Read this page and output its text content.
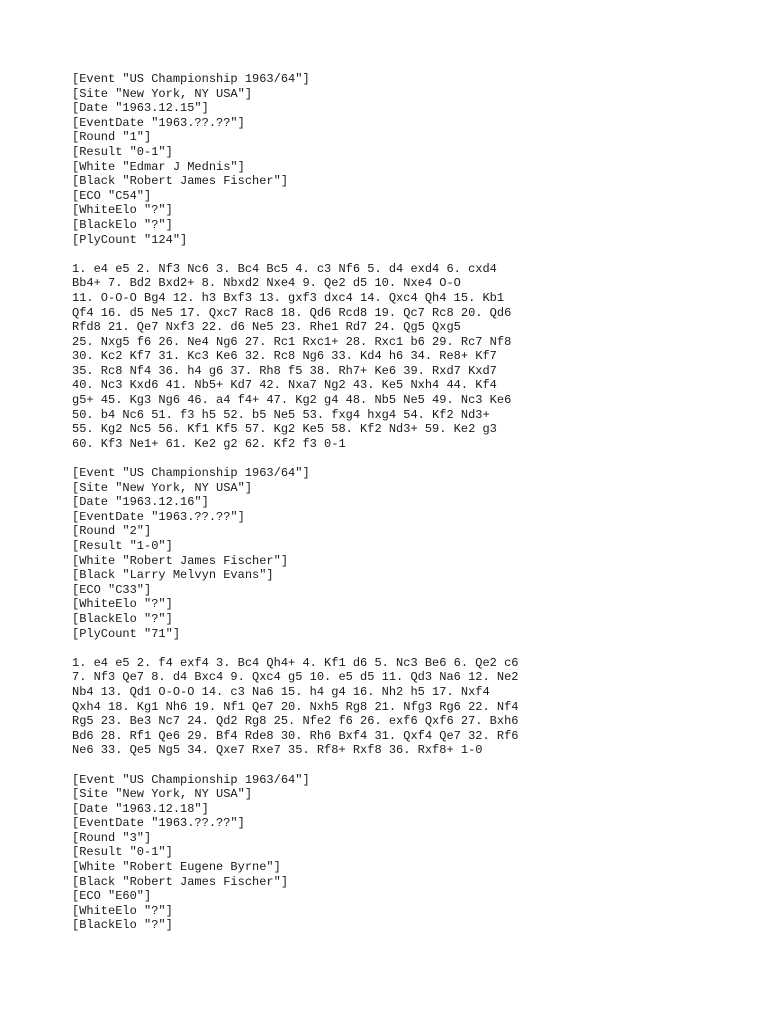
[Event "US Championship 1963/64"]
[Site "New York, NY USA"]
[Date "1963.12.15"]
[EventDate "1963.??.??"]
[Round "1"]
[Result "0-1"]
[White "Edmar J Mednis"]
[Black "Robert James Fischer"]
[ECO "C54"]
[WhiteElo "?"]
[BlackElo "?"]
[PlyCount "124"]
1. e4 e5 2. Nf3 Nc6 3. Bc4 Bc5 4. c3 Nf6 5. d4 exd4 6. cxd4
Bb4+ 7. Bd2 Bxd2+ 8. Nbxd2 Nxe4 9. Qe2 d5 10. Nxe4 O-O
11. O-O-O Bg4 12. h3 Bxf3 13. gxf3 dxc4 14. Qxc4 Qh4 15. Kb1
Qf4 16. d5 Ne5 17. Qxc7 Rac8 18. Qd6 Rcd8 19. Qc7 Rc8 20. Qd6
Rfd8 21. Qe7 Nxf3 22. d6 Ne5 23. Rhe1 Rd7 24. Qg5 Qxg5
25. Nxg5 f6 26. Ne4 Ng6 27. Rc1 Rxc1+ 28. Rxc1 b6 29. Rc7 Nf8
30. Kc2 Kf7 31. Kc3 Ke6 32. Rc8 Ng6 33. Kd4 h6 34. Re8+ Kf7
35. Rc8 Nf4 36. h4 g6 37. Rh8 f5 38. Rh7+ Ke6 39. Rxd7 Kxd7
40. Nc3 Kxd6 41. Nb5+ Kd7 42. Nxa7 Ng2 43. Ke5 Nxh4 44. Kf4
g5+ 45. Kg3 Ng6 46. a4 f4+ 47. Kg2 g4 48. Nb5 Ne5 49. Nc3 Ke6
50. b4 Nc6 51. f3 h5 52. b5 Ne5 53. fxg4 hxg4 54. Kf2 Nd3+
55. Kg2 Nc5 56. Kf1 Kf5 57. Kg2 Ke5 58. Kf2 Nd3+ 59. Ke2 g3
60. Kf3 Ne1+ 61. Ke2 g2 62. Kf2 f3 0-1
[Event "US Championship 1963/64"]
[Site "New York, NY USA"]
[Date "1963.12.16"]
[EventDate "1963.??.??"]
[Round "2"]
[Result "1-0"]
[White "Robert James Fischer"]
[Black "Larry Melvyn Evans"]
[ECO "C33"]
[WhiteElo "?"]
[BlackElo "?"]
[PlyCount "71"]
1. e4 e5 2. f4 exf4 3. Bc4 Qh4+ 4. Kf1 d6 5. Nc3 Be6 6. Qe2 c6
7. Nf3 Qe7 8. d4 Bxc4 9. Qxc4 g5 10. e5 d5 11. Qd3 Na6 12. Ne2
Nb4 13. Qd1 O-O-O 14. c3 Na6 15. h4 g4 16. Nh2 h5 17. Nxf4
Qxh4 18. Kg1 Nh6 19. Nf1 Qe7 20. Nxh5 Rg8 21. Nfg3 Rg6 22. Nf4
Rg5 23. Be3 Nc7 24. Qd2 Rg8 25. Nfe2 f6 26. exf6 Qxf6 27. Bxh6
Bd6 28. Rf1 Qe6 29. Bf4 Rde8 30. Rh6 Bxf4 31. Qxf4 Qe7 32. Rf6
Ne6 33. Qe5 Ng5 34. Qxe7 Rxe7 35. Rf8+ Rxf8 36. Rxf8+ 1-0
[Event "US Championship 1963/64"]
[Site "New York, NY USA"]
[Date "1963.12.18"]
[EventDate "1963.??.??"]
[Round "3"]
[Result "0-1"]
[White "Robert Eugene Byrne"]
[Black "Robert James Fischer"]
[ECO "E60"]
[WhiteElo "?"]
[BlackElo "?"]
